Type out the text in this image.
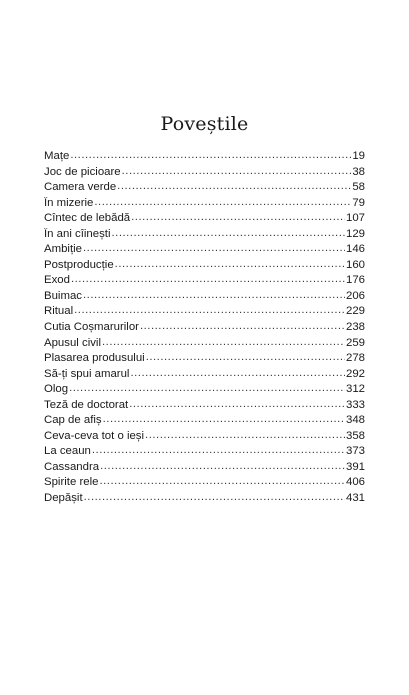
Poveștile
Mațe .....	19
Joc de picioare .....	38
Camera verde .....	58
În mizerie .....	79
Cîntec de lebădă .....	107
În ani cîinești .....	129
Ambiție .....	146
Postproducție .....	160
Exod .....	176
Buimac .....	206
Ritual .....	229
Cutia Coșmarurilor .....	238
Apusul civil .....	259
Plasarea produsului .....	278
Să-ți spui amarul .....	292
Olog .....	312
Teză de doctorat .....	333
Cap de afiș .....	348
Ceva-ceva tot o ieși .....	358
La ceaun .....	373
Cassandra .....	391
Spirite rele .....	406
Depășit .....	431
